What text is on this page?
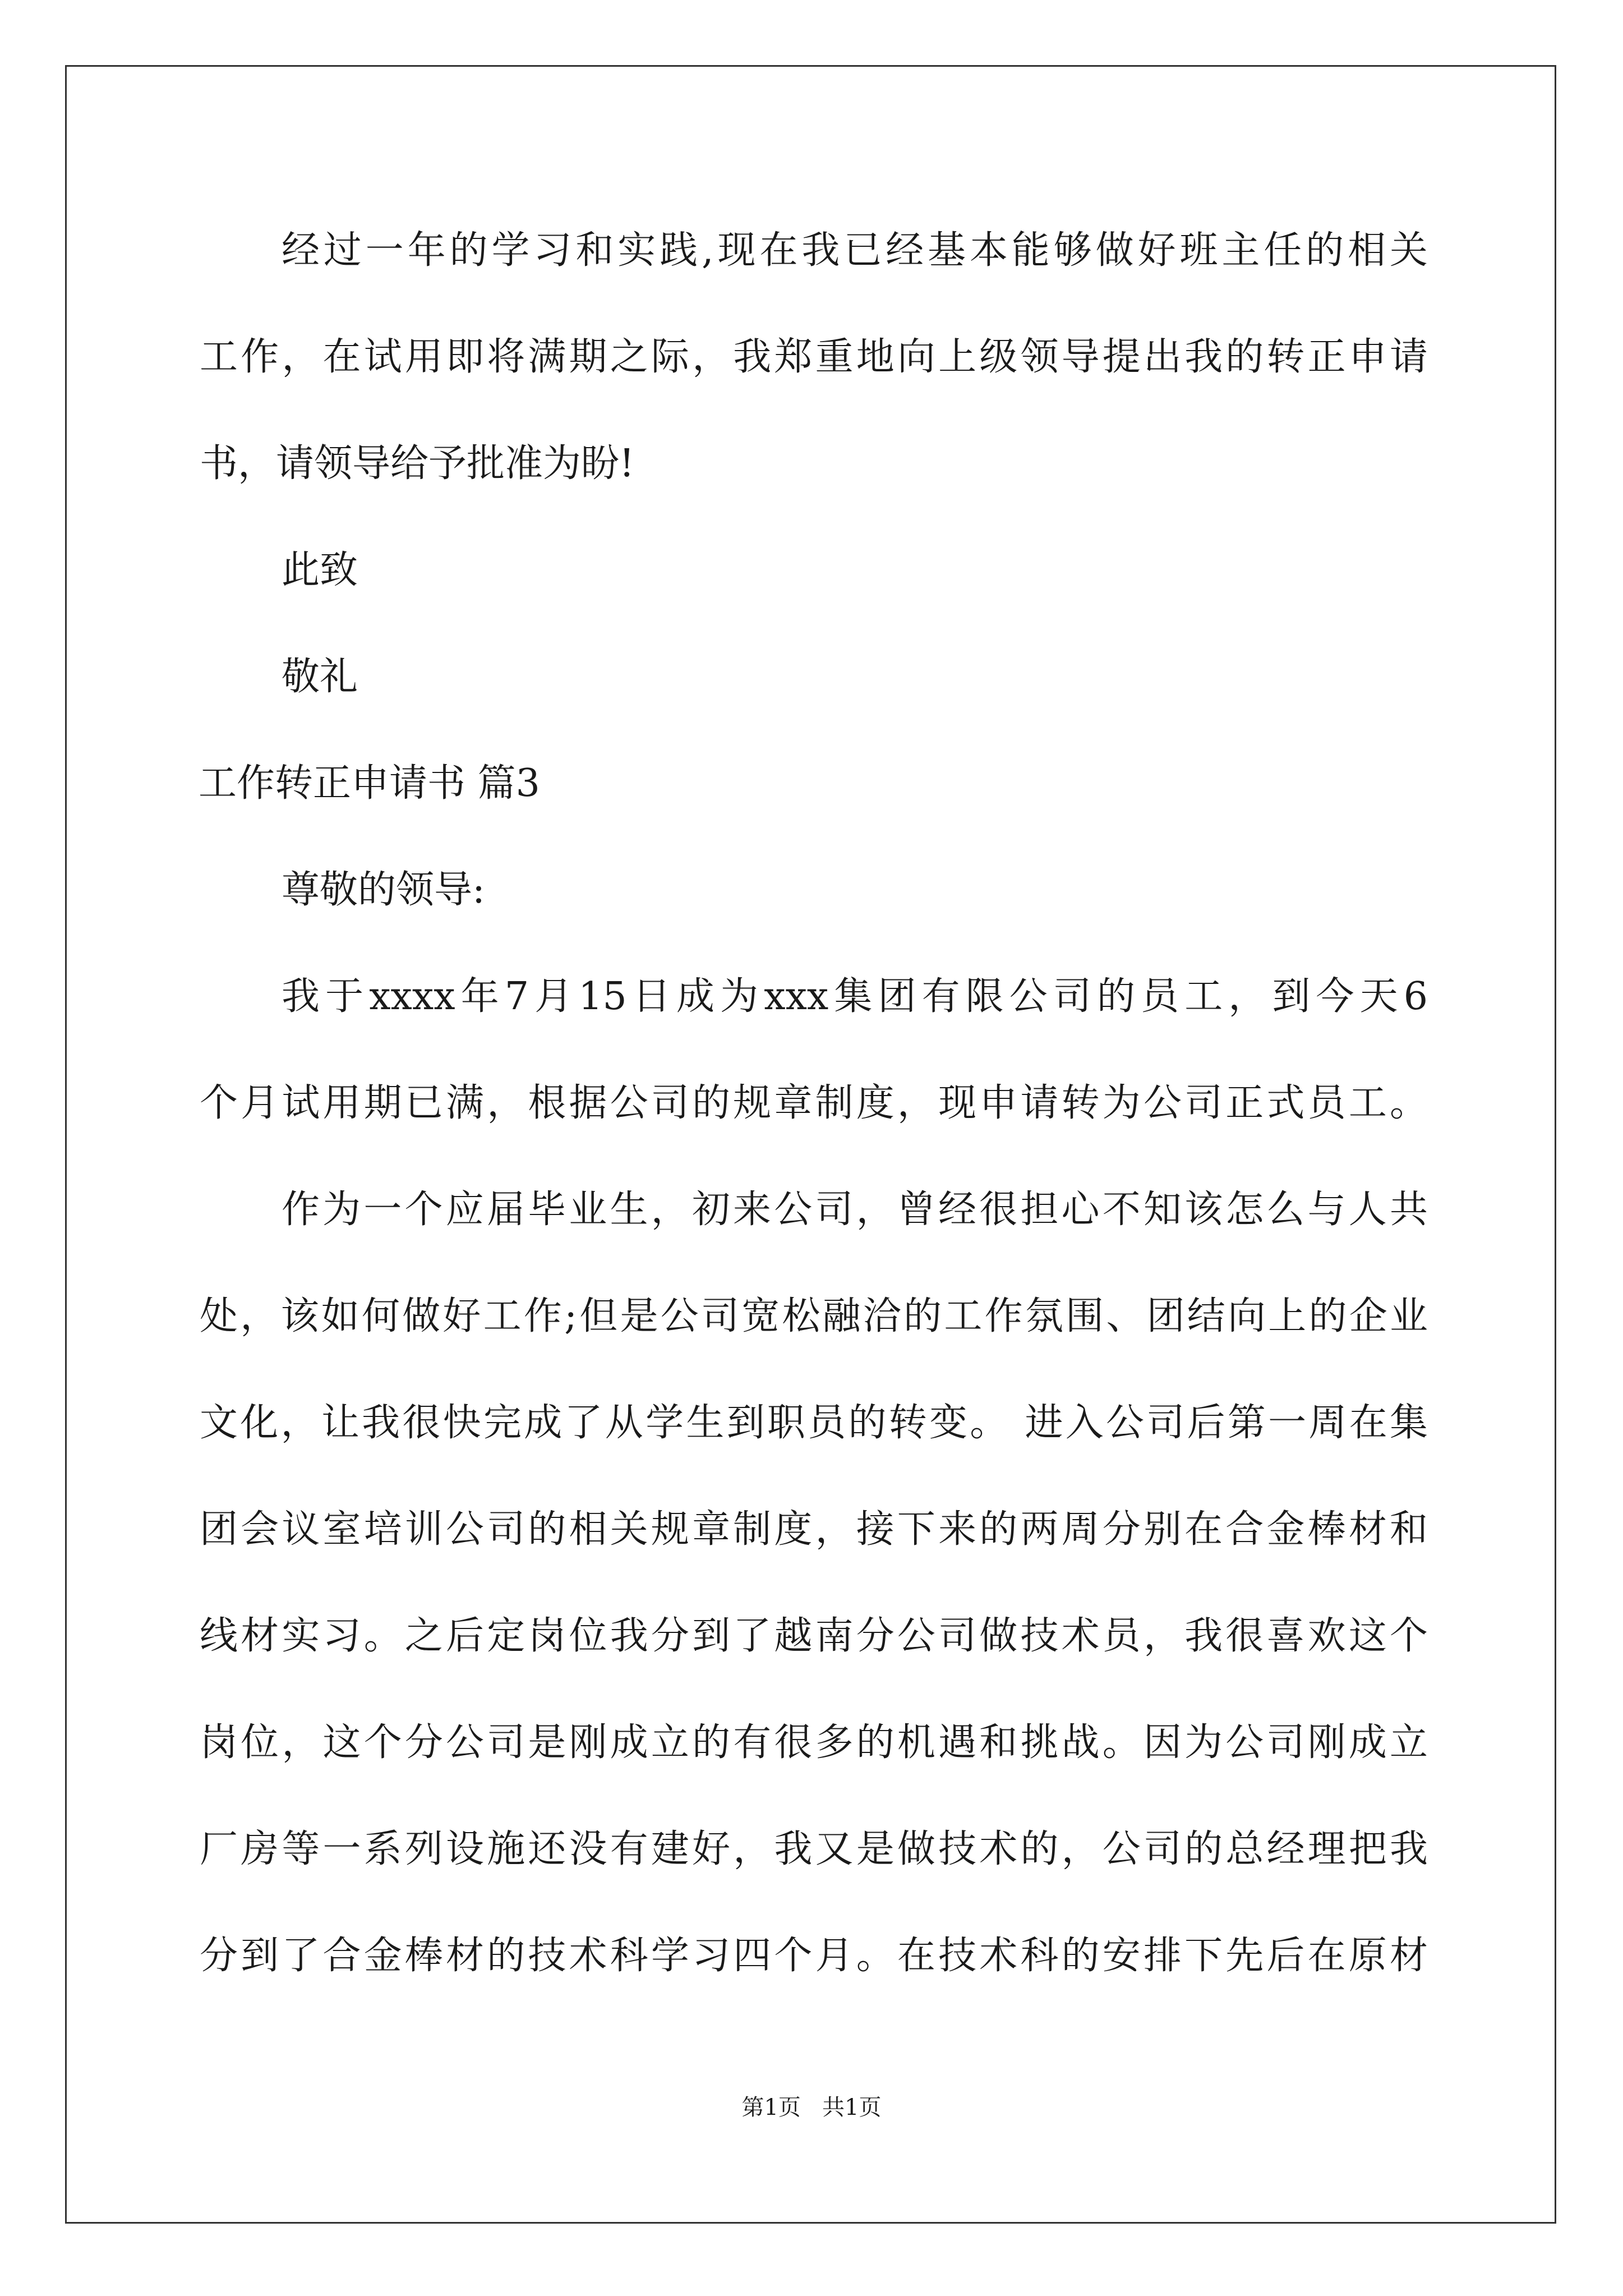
经过一年的学习和实践,现在我已经基本能够做好班主任的相关
工作，在试用即将满期之际，我郑重地向上级领导提出我的转正申请
书，请领导给予批准为盼!
此致
敬礼
工作转正申请书 篇3
尊敬的领导:
我于xxxx年7月15日成为xxx集团有限公司的员工，到今天6
个月试用期已满，根据公司的规章制度，现申请转为公司正式员工。
作为一个应届毕业生，初来公司，曾经很担心不知该怎么与人共
处，该如何做好工作;但是公司宽松融洽的工作氛围、团结向上的企业
文化，让我很快完成了从学生到职员的转变。 进入公司后第一周在集
团会议室培训公司的相关规章制度，接下来的两周分别在合金棒材和
线材实习。之后定岗位我分到了越南分公司做技术员，我很喜欢这个
岗位，这个分公司是刚成立的有很多的机遇和挑战。因为公司刚成立
厂房等一系列设施还没有建好，我又是做技术的，公司的总经理把我
分到了合金棒材的技术科学习四个月。在技术科的安排下先后在原材
第1页   共1页
